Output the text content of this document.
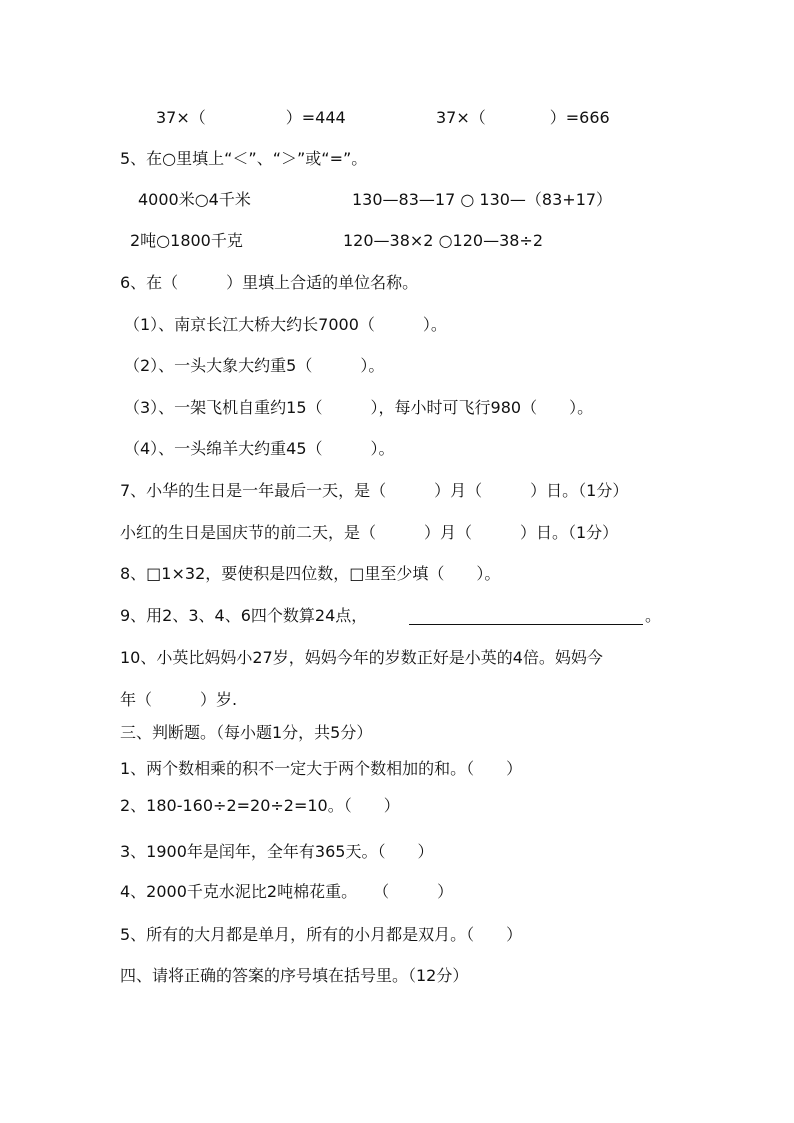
37×（　　　　　）=444	37×（　　　　）=666
5、在○里填上“＜”、“＞”或“=”。
4000米○4千米	130—83—17 ○ 130—（83+17）
2吨○1800千克	120—38×2 ○120—38÷2
6、在（　　　）里填上合适的单位名称。
（1）、南京长江大桥大约长7000（　　　）。
（2）、一头大象大约重5（　　　）。
（3）、一架飞机自重约15（　　　），每小时可飞行980（　　）。
（4）、一头绵羊大约重45（　　　）。
7、小华的生日是一年最后一天，是（　　　）月（　　　）日。（1分）
小红的生日是国庆节的前二天，是（　　　）月（　　　）日。（1分）
8、□1×32，要使积是四位数，□里至少填（　　）。
9、用2、3、4、6四个数算24点，	。
10、小英比妈妈小27岁，妈妈今年的岁数正好是小英的4倍。妈妈今
年（　　　）岁.
三、判断题。（每小题1分，共5分）
1、两个数相乘的积不一定大于两个数相加的和。（　　）
2、180-160÷2=20÷2=10。（　　）
3、1900年是闰年，全年有365天。（　　）
4、2000千克水泥比2吨棉花重。　　（　　　）
5、所有的大月都是单月，所有的小月都是双月。（　　）
四、请将正确的答案的序号填在括号里。（12分）
